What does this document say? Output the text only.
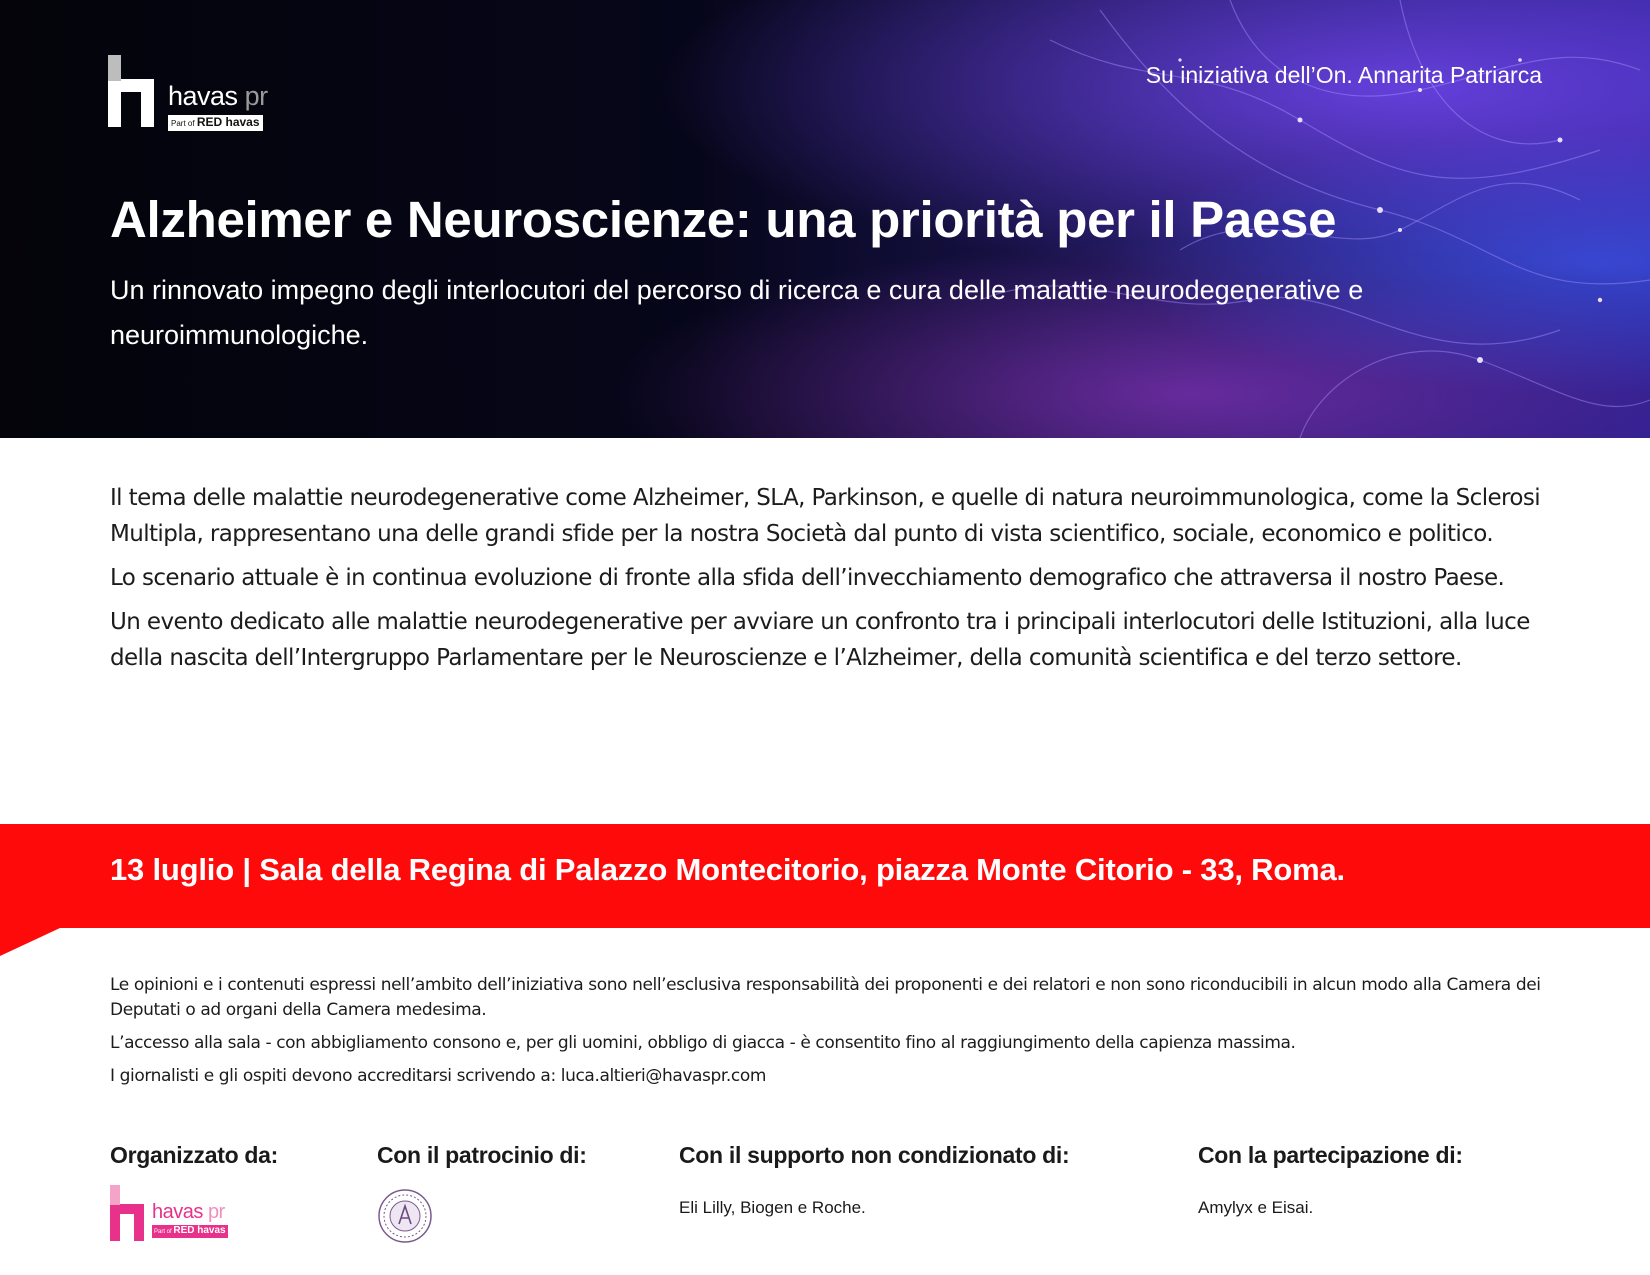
havas pr
Part of RED havas
Su iniziativa dell’On. Annarita Patriarca
Alzheimer e Neuroscienze: una priorità per il Paese

Un rinnovato impegno degli interlocutori del percorso di ricerca e cura delle malattie neurodegenerative e neuroimmunologiche.

Il tema delle malattie neurodegenerative come Alzheimer, SLA, Parkinson, e quelle di natura neuroimmunologica, come la Sclerosi Multipla, rappresentano una delle grandi sfide per la nostra Società dal punto di vista scientifico, sociale, economico e politico.

Lo scenario attuale è in continua evoluzione di fronte alla sfida dell’invecchiamento demografico che attraversa il nostro Paese.

Un evento dedicato alle malattie neurodegenerative per avviare un confronto tra i principali interlocutori delle Istituzioni, alla luce della nascita dell’Intergruppo Parlamentare per le Neuroscienze e l’Alzheimer, della comunità scientifica e del terzo settore.

13 luglio | Sala della Regina di Palazzo Montecitorio, piazza Monte Citorio - 33, Roma.

Le opinioni e i contenuti espressi nell’ambito dell’iniziativa sono nell’esclusiva responsabilità dei proponenti e dei relatori e non sono riconducibili in alcun modo alla Camera dei Deputati o ad organi della Camera medesima.

L’accesso alla sala - con abbigliamento consono e, per gli uomini, obbligo di giacca - è consentito fino al raggiungimento della capienza massima.

I giornalisti e gli ospiti devono accreditarsi scrivendo a: luca.altieri@havaspr.com

Organizzato da:
havas pr
Part of RED havas
Con il patrocinio di:	Con il supporto non condizionato di:
Eli Lilly, Biogen e Roche.
Con la partecipazione di:
Amylyx e Eisai.
